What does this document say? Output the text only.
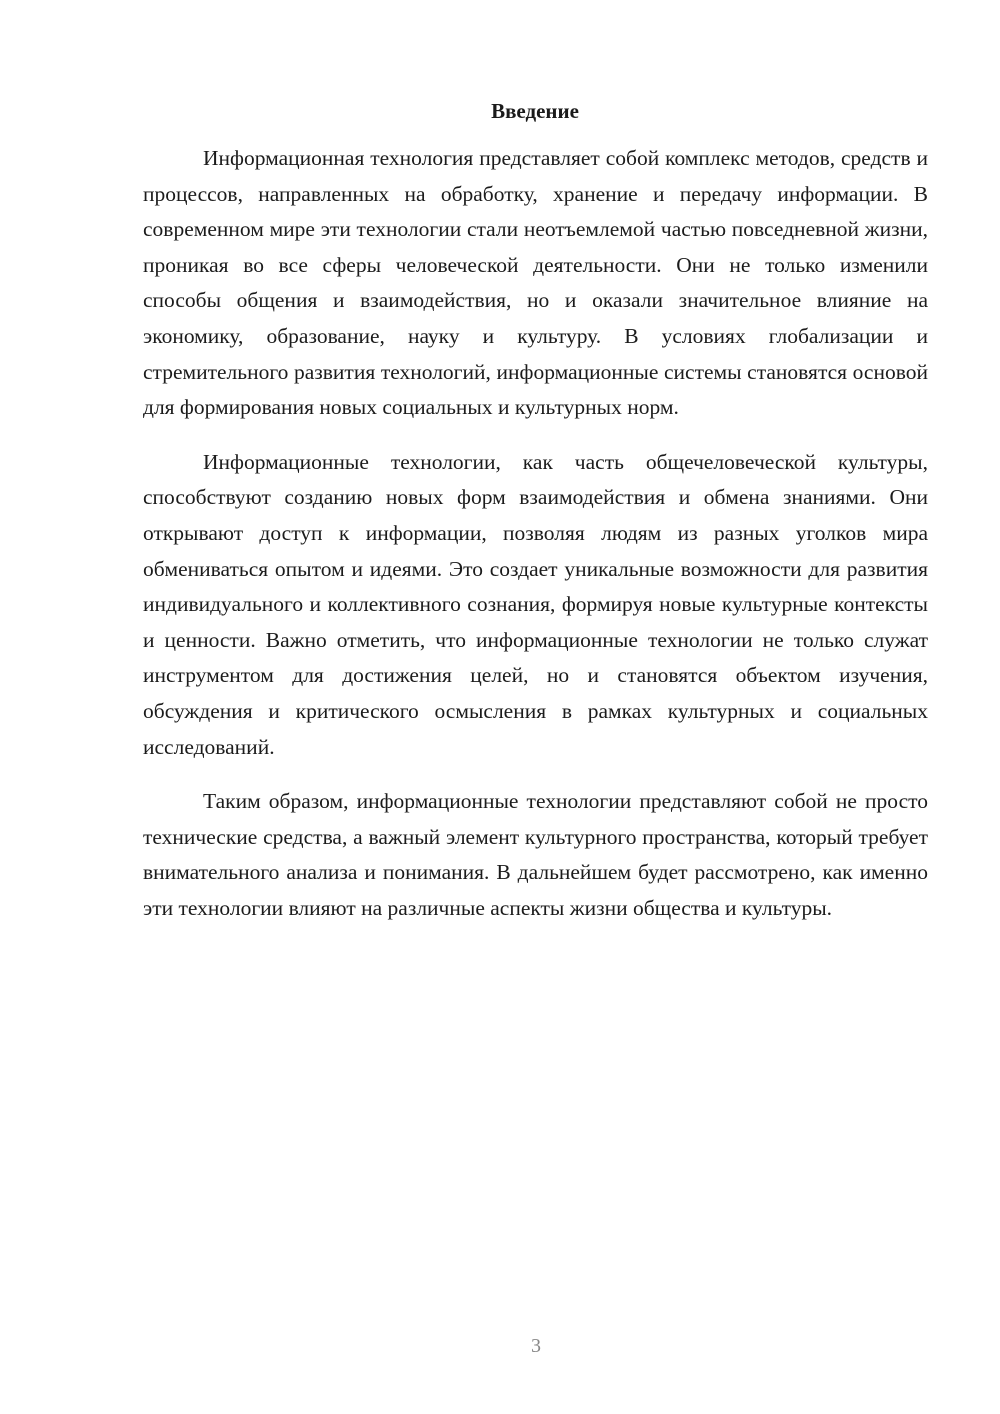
Введение

Информационная технология представляет собой комплекс методов, средств и процессов, направленных на обработку, хранение и передачу информации. В современном мире эти технологии стали неотъемлемой частью повседневной жизни, проникая во все сферы человеческой деятельности. Они не только изменили способы общения и взаимодействия, но и оказали значительное влияние на экономику, образование, науку и культуру. В условиях глобализации и стремительного развития технологий, информационные системы становятся основой для формирования новых социальных и культурных норм.

Информационные технологии, как часть общечеловеческой культуры, способствуют созданию новых форм взаимодействия и обмена знаниями. Они открывают доступ к информации, позволяя людям из разных уголков мира обмениваться опытом и идеями. Это создает уникальные возможности для развития индивидуального и коллективного сознания, формируя новые культурные контексты и ценности. Важно отметить, что информационные технологии не только служат инструментом для достижения целей, но и становятся объектом изучения, обсуждения и критического осмысления в рамках культурных и социальных исследований.

Таким образом, информационные технологии представляют собой не просто технические средства, а важный элемент культурного пространства, который требует внимательного анализа и понимания. В дальнейшем будет рассмотрено, как именно эти технологии влияют на различные аспекты жизни общества и культуры.

3
